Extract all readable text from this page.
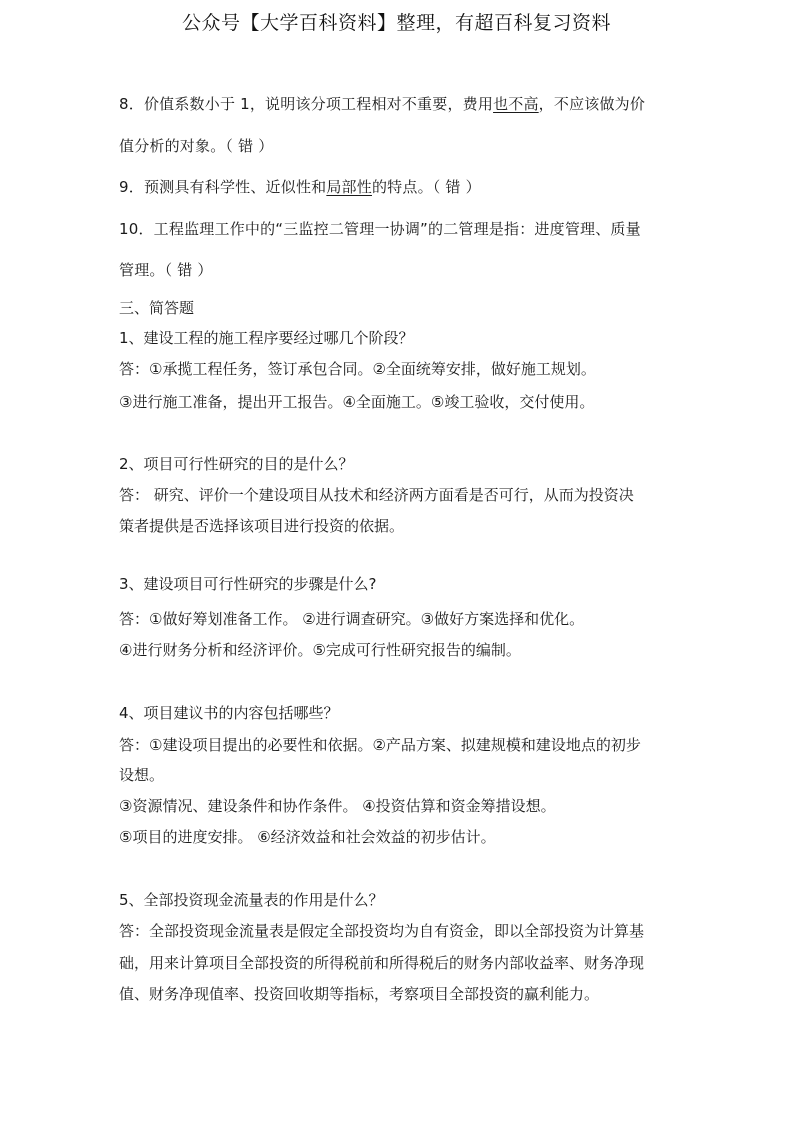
公众号【大学百科资料】整理，有超百科复习资料
8．价值系数小于 1，说明该分项工程相对不重要，费用也不高，不应该做为价
值分析的对象。（ 错 ）
9．预测具有科学性、近似性和局部性的特点。（ 错 ）
10．工程监理工作中的“三监控二管理一协调”的二管理是指：进度管理、质量
管理。（ 错 ）
三、简答题
1、建设工程的施工程序要经过哪几个阶段？
答：①承揽工程任务，签订承包合同。②全面统筹安排，做好施工规划。
③进行施工准备，提出开工报告。④全面施工。⑤竣工验收，交付使用。
2、项目可行性研究的目的是什么？
答： 研究、评价一个建设项目从技术和经济两方面看是否可行，从而为投资决
策者提供是否选择该项目进行投资的依据。
3、建设项目可行性研究的步骤是什么?
答：①做好筹划准备工作。 ②进行调查研究。③做好方案选择和优化。
④进行财务分析和经济评价。⑤完成可行性研究报告的编制。
4、项目建议书的内容包括哪些？
答：①建设项目提出的必要性和依据。②产品方案、拟建规模和建设地点的初步
设想。
③资源情况、建设条件和协作条件。 ④投资估算和资金筹措设想。
⑤项目的进度安排。 ⑥经济效益和社会效益的初步估计。
5、全部投资现金流量表的作用是什么？
答：全部投资现金流量表是假定全部投资均为自有资金，即以全部投资为计算基
础，用来计算项目全部投资的所得税前和所得税后的财务内部收益率、财务净现
值、财务净现值率、投资回收期等指标，考察项目全部投资的赢利能力。
